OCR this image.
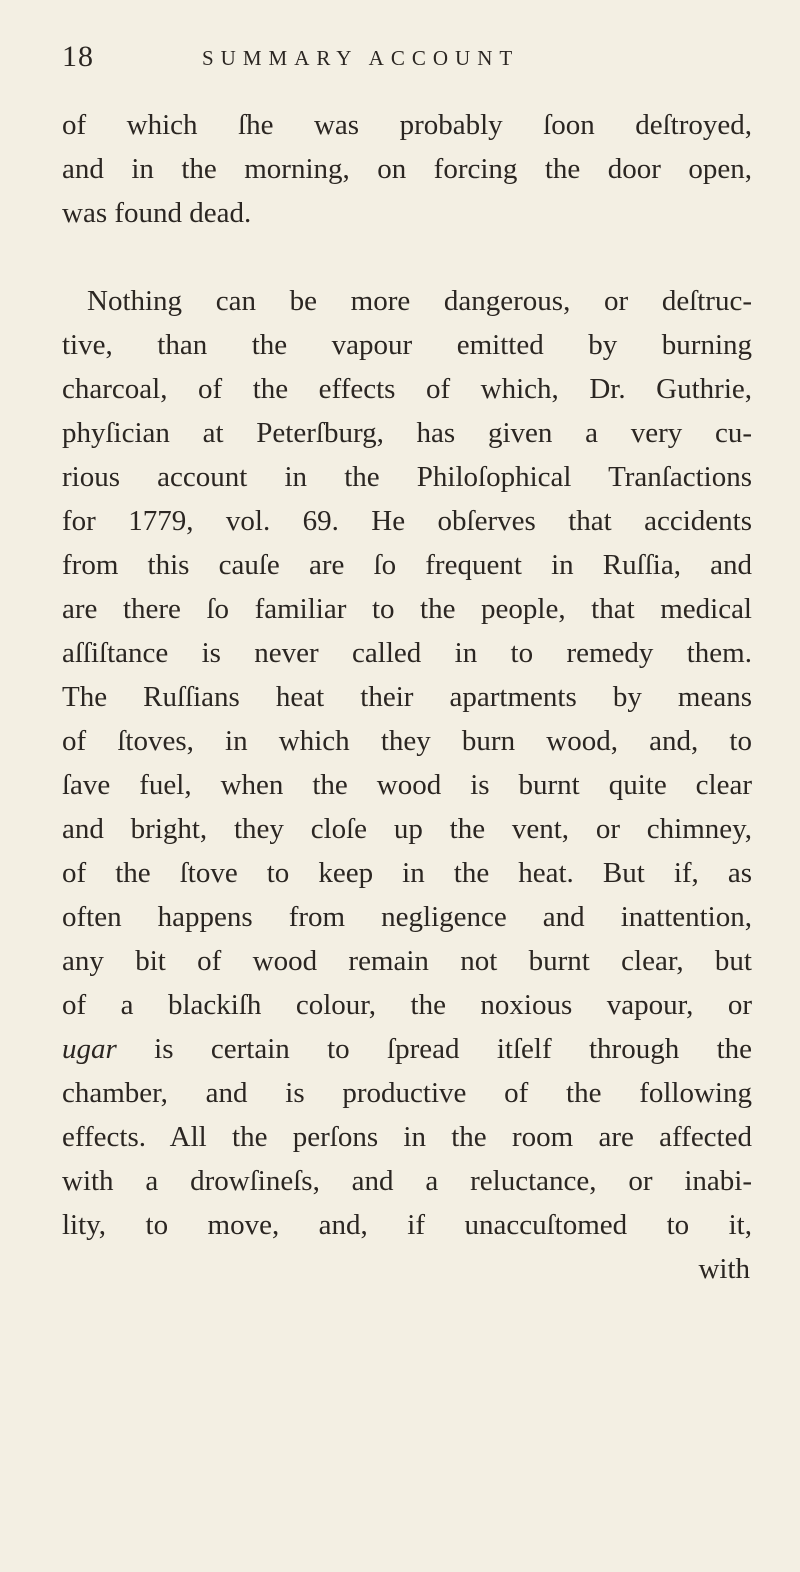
18	SUMMARY ACCOUNT
of which ſhe was probably ſoon deſtroyed,
and in the morning, on forcing the door open,
was found dead.
Nothing can be more dangerous, or deſtruc-
tive, than the vapour emitted by burning
charcoal, of the effects of which, Dr. Guthrie,
phyſician at Peterſburg, has given a very cu-
rious account in the Philoſophical Tranſactions
for 1779, vol. 69. He obſerves that accidents
from this cauſe are ſo frequent in Ruſſia, and
are there ſo familiar to the people, that medical
aſſiſtance is never called in to remedy them.
The Ruſſians heat their apartments by means
of ſtoves, in which they burn wood, and, to
ſave fuel, when the wood is burnt quite clear
and bright, they cloſe up the vent, or chimney,
of the ſtove to keep in the heat. But if, as
often happens from negligence and inattention,
any bit of wood remain not burnt clear, but
of a blackiſh colour, the noxious vapour, or
ugar is certain to ſpread itſelf through the
chamber, and is productive of the following
effects. All the perſons in the room are affected
with a drowſineſs, and a reluctance, or inabi-
lity, to move, and, if unaccuſtomed to it,
with
